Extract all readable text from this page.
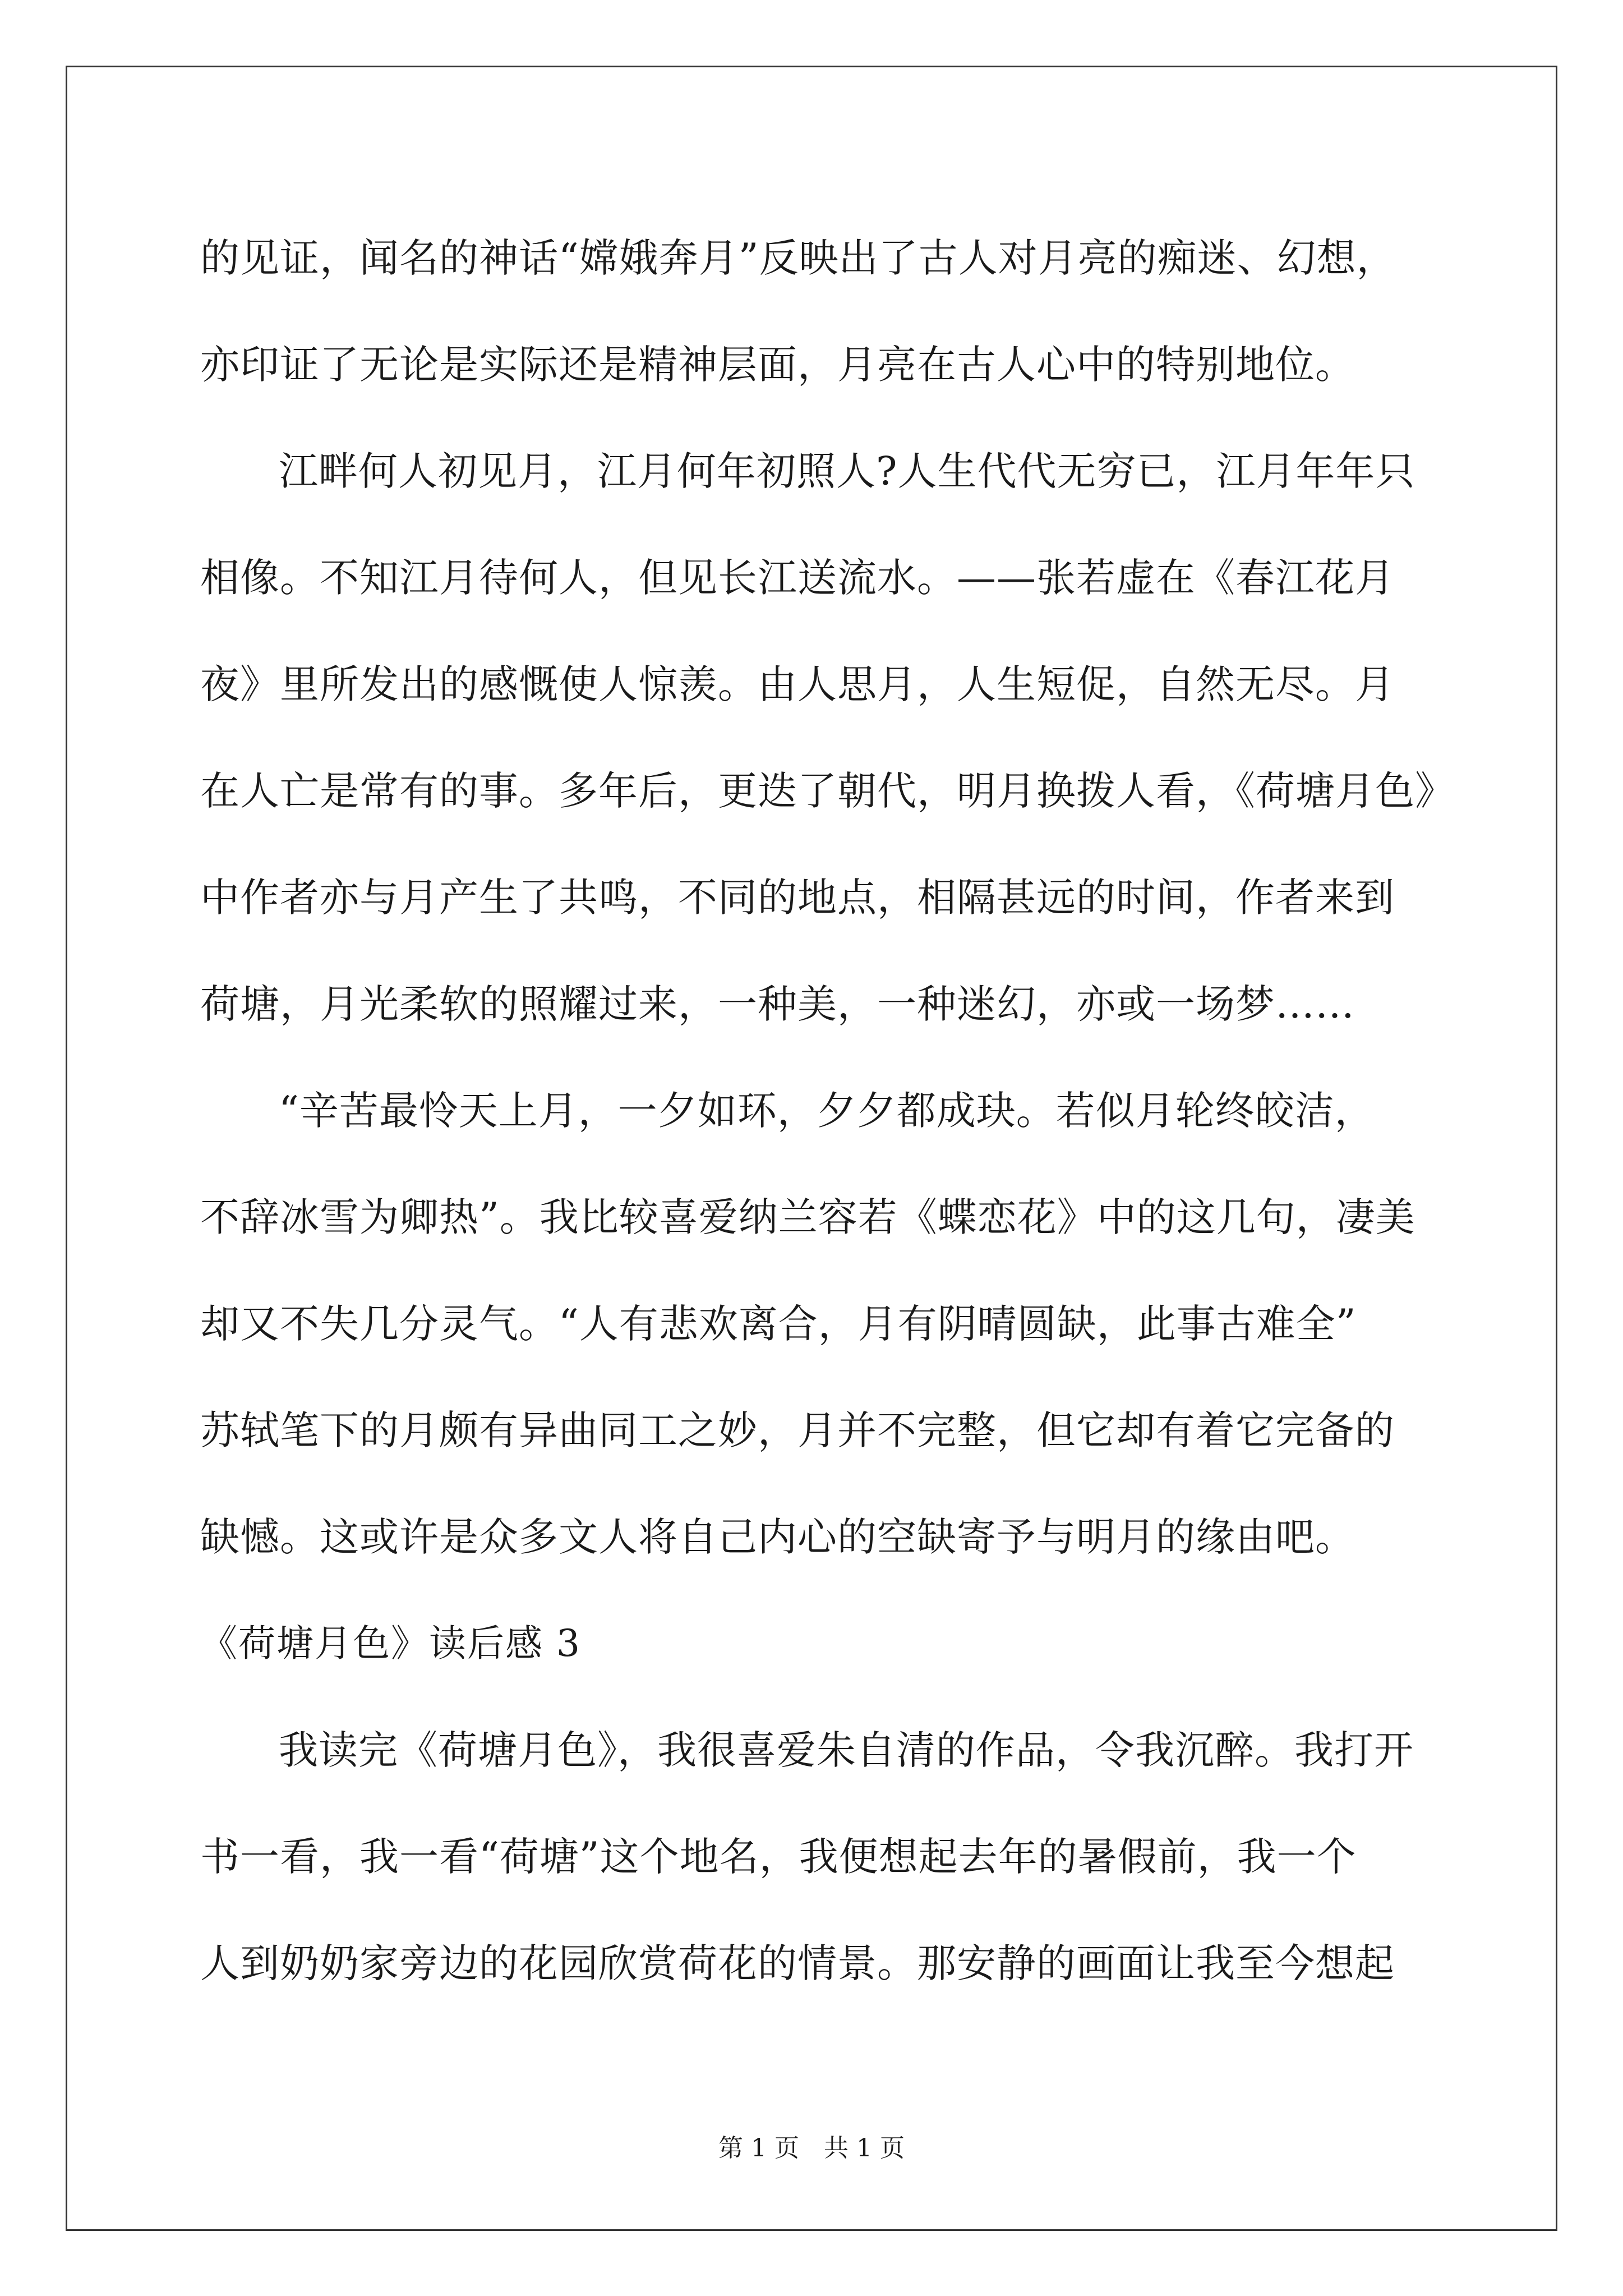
的见证，闻名的神话“嫦娥奔月”反映出了古人对月亮的痴迷、幻想，
亦印证了无论是实际还是精神层面，月亮在古人心中的特别地位。
江畔何人初见月，江月何年初照人?人生代代无穷已，江月年年只
相像。不知江月待何人，但见长江送流水。——张若虚在《春江花月
夜》里所发出的感慨使人惊羡。由人思月，人生短促，自然无尽。月
在人亡是常有的事。多年后，更迭了朝代，明月换拨人看，《荷塘月色》
中作者亦与月产生了共鸣，不同的地点，相隔甚远的时间，作者来到
荷塘，月光柔软的照耀过来，一种美，一种迷幻，亦或一场梦……
“辛苦最怜天上月，一夕如环，夕夕都成玦。若似月轮终皎洁，
不辞冰雪为卿热”。我比较喜爱纳兰容若《蝶恋花》中的这几句，凄美
却又不失几分灵气。“人有悲欢离合，月有阴晴圆缺，此事古难全”
苏轼笔下的月颇有异曲同工之妙，月并不完整，但它却有着它完备的
缺憾。这或许是众多文人将自己内心的空缺寄予与明月的缘由吧。
《荷塘月色》读后感 3
我读完《荷塘月色》，我很喜爱朱自清的作品，令我沉醉。我打开
书一看，我一看“荷塘”这个地名，我便想起去年的暑假前，我一个
人到奶奶家旁边的花园欣赏荷花的情景。那安静的画面让我至今想起
第 1 页 共 1 页
